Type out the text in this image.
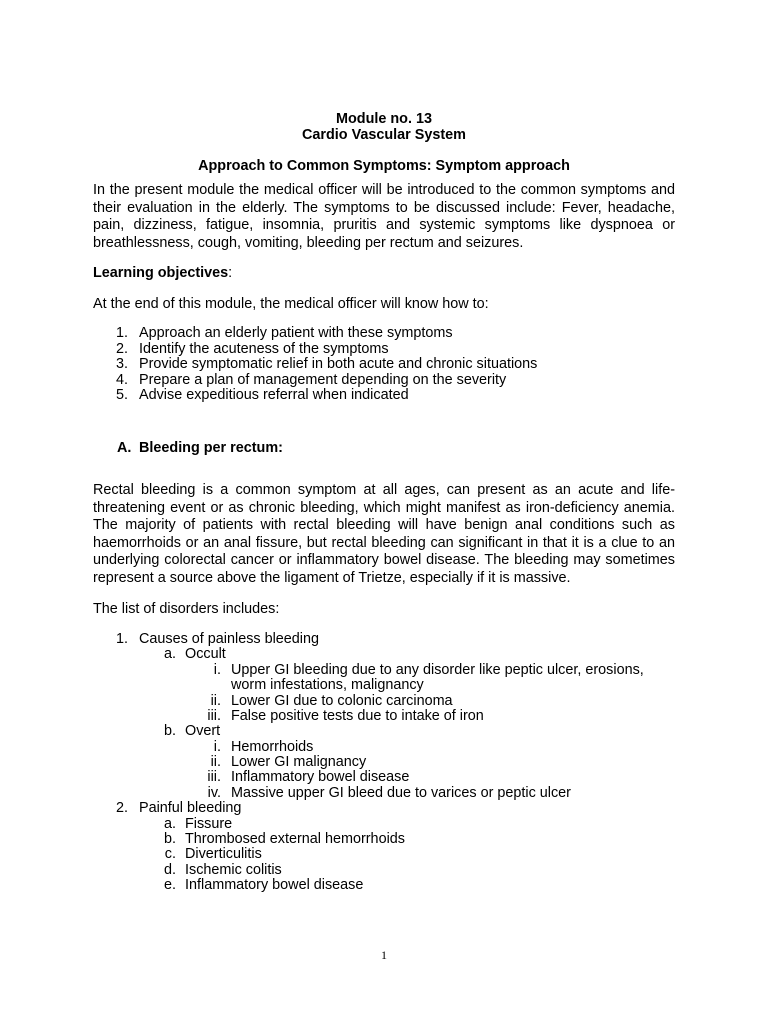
Module no. 13
Cardio Vascular System
Approach to Common Symptoms: Symptom approach
In the present module the medical officer will be introduced to the common symptoms and their evaluation in the elderly. The symptoms to be discussed include: Fever, headache, pain, dizziness, fatigue, insomnia, pruritis and systemic symptoms like dyspnoea or breathlessness, cough, vomiting, bleeding per rectum and seizures.
Learning objectives:
At the end of this module, the medical officer will know how to:
1. Approach an elderly patient with these symptoms
2. Identify the acuteness of the symptoms
3. Provide symptomatic relief in both acute and chronic situations
4. Prepare a plan of management depending on the severity
5. Advise expeditious referral when indicated
A. Bleeding per rectum:
Rectal bleeding is a common symptom at all ages, can present as an acute and life-threatening event or as chronic bleeding, which might manifest as iron-deficiency anemia. The majority of patients with rectal bleeding will have benign anal conditions such as haemorrhoids or an anal fissure, but rectal bleeding can significant in that it is a clue to an underlying colorectal cancer or inflammatory bowel disease. The bleeding may sometimes represent a source above the ligament of Trietze, especially if it is massive.
The list of disorders includes:
1. Causes of painless bleeding
a. Occult
i. Upper GI bleeding due to any disorder like peptic ulcer, erosions,
worm infestations, malignancy
ii. Lower GI due to colonic carcinoma
iii. False positive tests due to intake of iron
b. Overt
i. Hemorrhoids
ii. Lower GI malignancy
iii. Inflammatory bowel disease
iv. Massive upper GI bleed due to varices or peptic ulcer
2. Painful bleeding
a. Fissure
b. Thrombosed external hemorrhoids
c. Diverticulitis
d. Ischemic colitis
e. Inflammatory bowel disease
1
